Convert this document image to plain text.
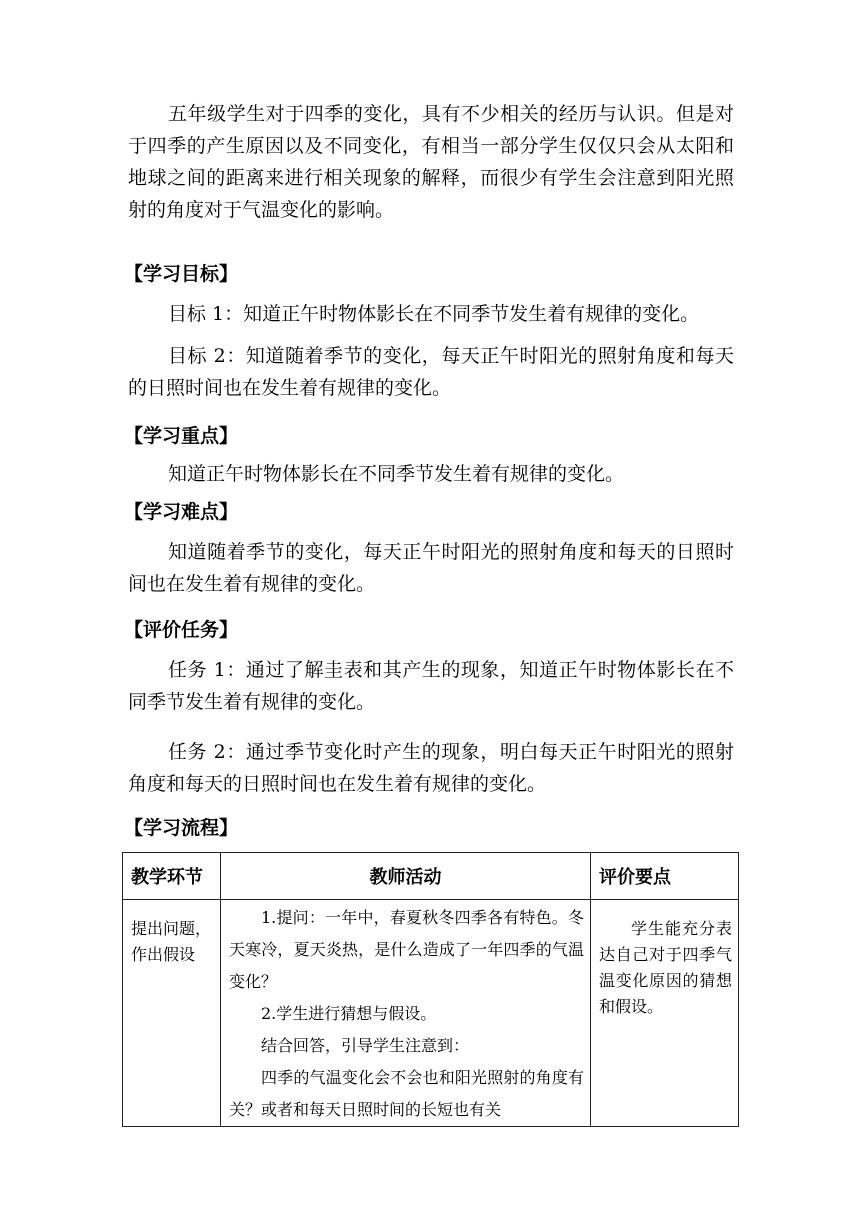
五年级学生对于四季的变化，具有不少相关的经历与认识。但是对于四季的产生原因以及不同变化，有相当一部分学生仅仅只会从太阳和地球之间的距离来进行相关现象的解释，而很少有学生会注意到阳光照射的角度对于气温变化的影响。

【学习目标】

目标 1：知道正午时物体影长在不同季节发生着有规律的变化。

目标 2：知道随着季节的变化，每天正午时阳光的照射角度和每天的日照时间也在发生着有规律的变化。

【学习重点】

知道正午时物体影长在不同季节发生着有规律的变化。

【学习难点】

知道随着季节的变化，每天正午时阳光的照射角度和每天的日照时间也在发生着有规律的变化。

【评价任务】

任务 1：通过了解圭表和其产生的现象，知道正午时物体影长在不同季节发生着有规律的变化。

任务 2：通过季节变化时产生的现象，明白每天正午时阳光的照射角度和每天的日照时间也在发生着有规律的变化。

【学习流程】

教学环节	教师活动	评价要点
提出问题，作出假设	1.提问：一年中，春夏秋冬四季各有特色。冬天寒冷，夏天炎热，是什么造成了一年四季的气温变化？

2.学生进行猜想与假设。

结合回答，引导学生注意到：

四季的气温变化会不会也和阳光照射的角度有关？或者和每天日照时间的长短也有关	学生能充分表达自己对于四季气温变化原因的猜想和假设。
